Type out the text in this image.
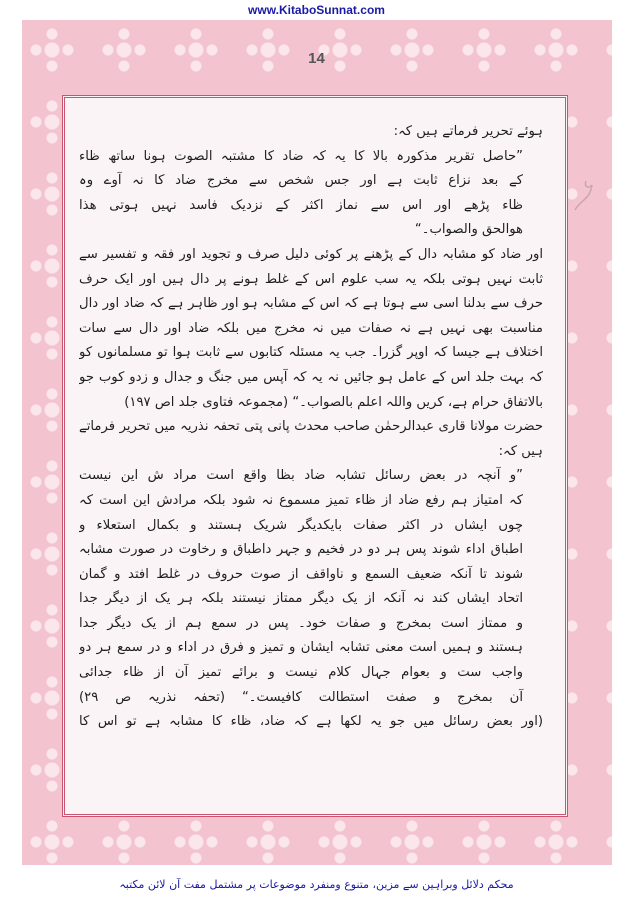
www.KitaboSunnat.com
14
ہوئے تحریر فرماتے ہیں کہ:
”حاصل تقریر مذکورہ بالا کا یہ کہ ضاد کا مشتبہ الصوت ہونا ساتھ ظاء
کے بعد نزاع ثابت ہے اور جس شخص سے مخرج ضاد کا نہ آوے وہ
ظاء پڑھے اور اس سے نماز اکثر کے نزدیک فاسد نہیں ہوتی ھذا
ھوالحق والصواب۔“
اور ضاد کو مشابہ دال کے پڑھنے پر کوئی دلیل صرف و تجوید اور فقہ و تفسیر سے
ثابت نہیں ہوتی بلکہ یہ سب علوم اس کے غلط ہونے پر دال ہیں اور ایک حرف
حرف سے بدلنا اسی سے ہوتا ہے کہ اس کے مشابہ ہو اور ظاہر ہے کہ ضاد اور دال
مناسبت بھی نہیں ہے نہ صفات میں نہ مخرج میں بلکہ ضاد اور دال سے سات
اختلاف ہے جیسا کہ اوپر گزرا۔ جب یہ مسئلہ کتابوں سے ثابت ہوا تو مسلمانوں کو
کہ بہت جلد اس کے عامل ہو جائیں نہ یہ کہ آپس میں جنگ و جدال و زدو کوب جو
بالاتفاق حرام ہے، کریں واللہ اعلم بالصواب۔“ (مجموعہ فتاوی جلد اص ۱۹۷)
حضرت مولانا قاری عبدالرحمٰن صاحب محدث پانی پتی تحفہ نذریہ میں تحریر فرماتے
ہیں کہ:
”و آنچہ در بعض رسائل تشابہ ضاد بظا واقع است مراد ش این نیست
کہ امتیاز ہم رفع ضاد از ظاء تمیز مسموع نہ شود بلکہ مرادش این است کہ
چوں ایشاں در اکثر صفات بایکدیگر شریک ہستند و بکمال استعلاء و
اطباق اداء شوند پس ہر دو در فخیم و جہر داطباق و رخاوت در صورت مشابہ
شوند تا آنکہ ضعیف السمع و ناواقف از صوت حروف در غلط افتد و گمان
اتحاد ایشاں کند نہ آنکہ از یک دیگر ممتاز نیستند بلکہ ہر یک از دیگر جدا
و ممتاز است بمخرج و صفات خود۔ پس در سمع ہم از یک دیگر جدا
ہستند و ہمیں است معنی تشابہ ایشان و تمیز و فرق در اداء و در سمع ہر دو
واجب ست و بعوام جہال کلام نیست و برائے تمیز آن از ظاء جدائی
آن بمخرج و صفت استطالت کافیست۔“ (تحفہ نذریہ ص ۲۹)
(اور بعض رسائل میں جو یہ لکھا ہے کہ ضاد، ظاء کا مشابہ ہے تو اس کا
محکم دلائل وبراہین سے مزین، متنوع ومنفرد موضوعات پر مشتمل مفت آن لائن مکتبہ
